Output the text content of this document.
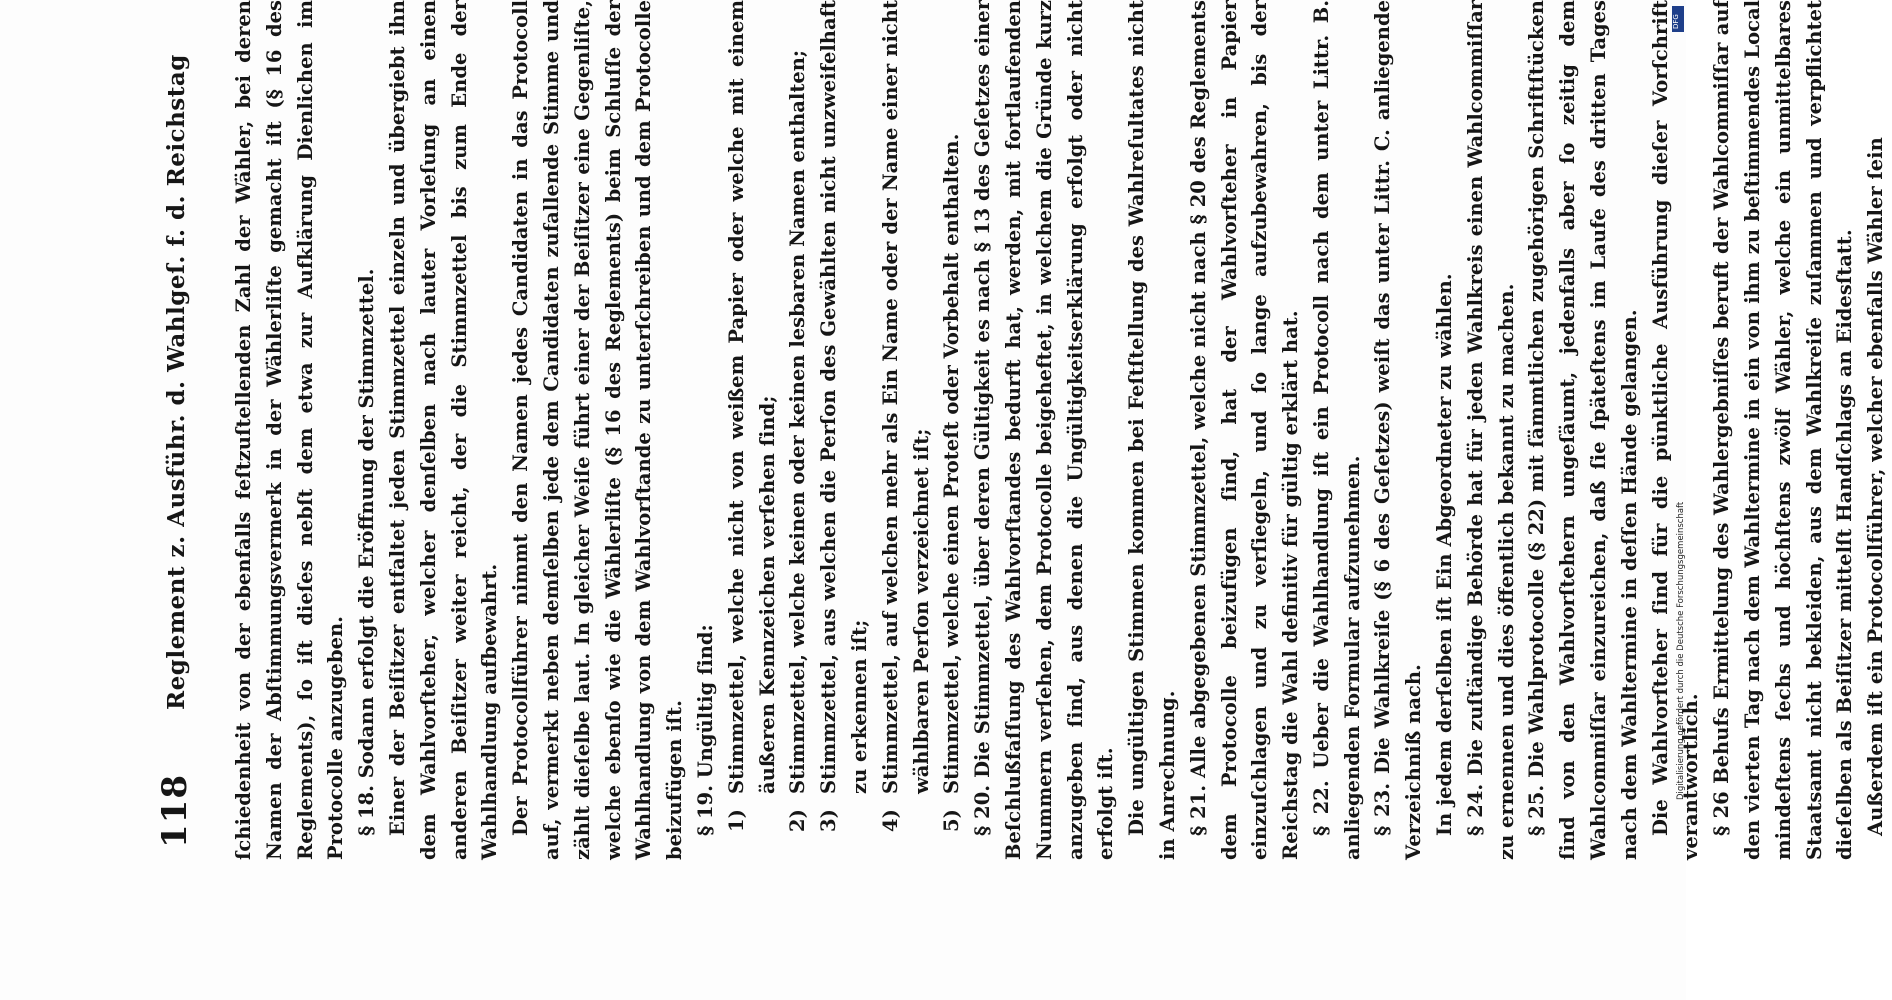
118
Reglement z. Ausführ. d. Wahlgeſ. f. d. Reichstag ſchiedenheit von der ebenfalls feſtzuſtellenden Zahl der Wähler, bei deren Namen der Abſtimmungsvermerk in der Wählerliſte gemacht iſt (§ 16 des Reglements), ſo iſt dieſes nebſt dem etwa zur Aufklärung Dienlichen im Protocolle anzugeben. § 18. Sodann erfolgt die Eröffnung der Stimmzettel. Einer der Beiſitzer entfaltet jeden Stimmzettel einzeln und übergiebt ihn dem Wahlvorſteher, welcher denſelben nach lauter Vorleſung an einen anderen Beiſitzer weiter reicht, der die Stimmzettel bis zum Ende der Wahlhandlung aufbewahrt. Der Protocollführer nimmt den Namen jedes Candidaten in das Protocoll auf, vermerkt neben demſelben jede dem Candidaten zufallende Stimme und zählt dieſelbe laut. In gleicher Weiſe führt einer der Beiſitzer eine Gegenliſte, welche ebenſo wie die Wählerliſte (§ 16 des Reglements) beim Schluſſe der Wahlhandlung von dem Wahlvorſtande zu unterſchreiben und dem Protocolle beizufügen iſt. § 19. Ungültig ſind: 1)
Stimmzettel, welche nicht von weißem Papier oder welche mit einem äußeren Kennzeichen verſehen ſind;
2)
Stimmzettel, welche keinen oder keinen lesbaren Namen enthalten;
3)
Stimmzettel, aus welchen die Perſon des Gewählten nicht unzweifelhaft zu erkennen iſt;
4)
Stimmzettel, auf welchen mehr als Ein Name oder der Name einer nicht wählbaren Perſon verzeichnet iſt;
5)
Stimmzettel, welche einen Proteſt oder Vorbehalt enthalten. § 20. Die Stimmzettel, über deren Gültigkeit es nach § 13 des Geſetzes einer Beſchlußfaſſung des Wahlvorſtandes bedurft hat, werden, mit fortlaufenden Nummern verſehen, dem Protocolle beigeheftet, in welchem die Gründe kurz anzugeben ſind, aus denen die Ungültigkeitserklärung erfolgt oder nicht erfolgt iſt. Die ungültigen Stimmen kommen bei Feſtſtellung des Wahlreſultates nicht in Anrechnung. § 21. Alle abgegebenen Stimmzettel, welche nicht nach § 20 des Reglements dem Protocolle beizufügen ſind, hat der Wahlvorſteher in Papier einzuſchlagen und zu verſiegeln, und ſo lange aufzubewahren, bis der Reichstag die Wahl definitiv für gültig erklärt hat. § 22. Ueber die Wahlhandlung iſt ein Protocoll nach dem unter Littr. B. anliegenden Formular aufzunehmen. § 23. Die Wahlkreiſe (§ 6 des Geſetzes) weiſt das unter Littr. C. anliegende Verzeichniß nach. In jedem derſelben iſt Ein Abgeordneter zu wählen. § 24. Die zuſtändige Behörde hat für jeden Wahlkreis einen Wahlcommiſſar zu ernennen und dies öffentlich bekannt zu machen. § 25. Die Wahlprotocolle (§ 22) mit ſämmtlichen zugehörigen Schriftſtücken ſind von den Wahlvorſtehern ungeſäumt, jedenfalls aber ſo zeitig dem Wahlcommiſſar einzureichen, daß ſie ſpäteſtens im Laufe des dritten Tages nach dem Wahltermine in deſſen Hände gelangen. Die Wahlvorſteher ſind für die pünktliche Ausführung dieſer Vorſchrift verantwortlich. § 26 Behufs Ermittelung des Wahlergebniſſes beruft der Wahlcommiſſar auf den vierten Tag nach dem Wahltermine in ein von ihm zu beſtimmendes Local mindeſtens ſechs und höchſtens zwölf Wähler, welche ein unmittelbares Staatsamt nicht bekleiden, aus dem Wahlkreiſe zuſammen und verpflichtet dieſelben als Beiſitzer mittelſt Handſchlags an Eidesſtatt. Außerdem iſt ein Protocollführer, welcher ebenfalls Wähler ſein

DFG
Digitalisierung gefördert durch die Deutsche Forschungsgemeinschaft
